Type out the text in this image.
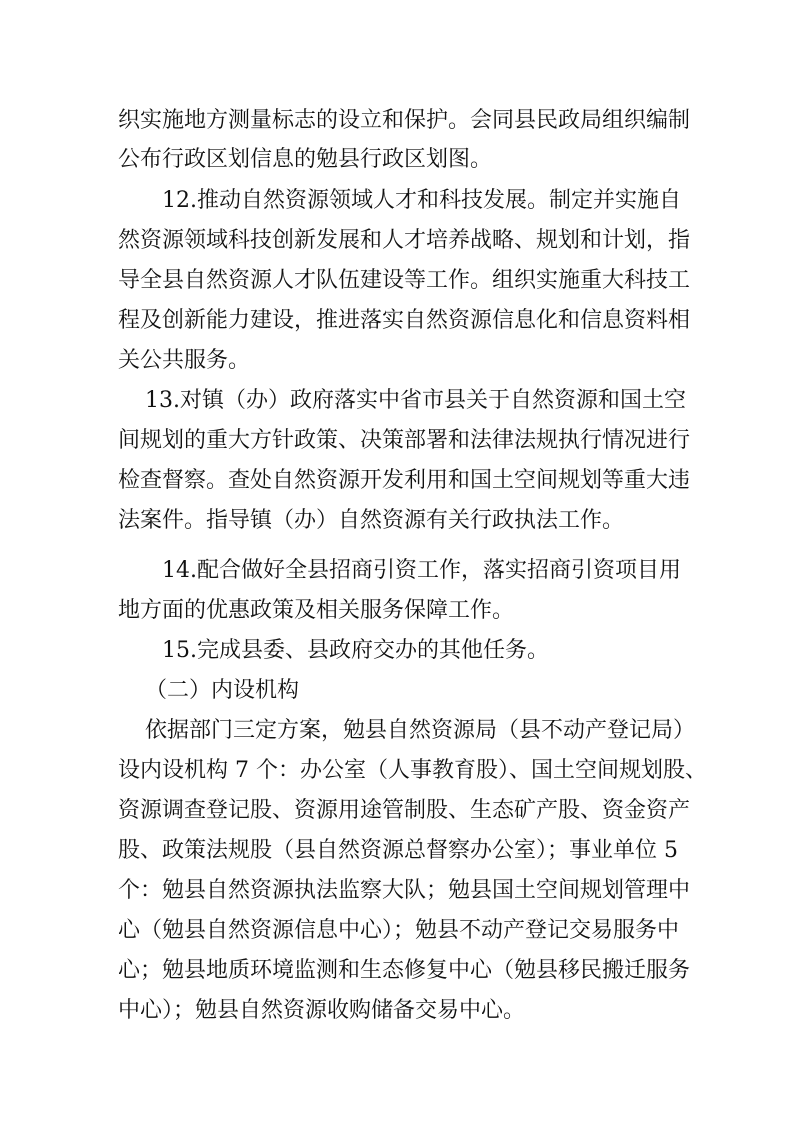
织实施地方测量标志的设立和保护。会同县民政局组织编制
公布行政区划信息的勉县行政区划图。
12.推动自然资源领域人才和科技发展。制定并实施自
然资源领域科技创新发展和人才培养战略、规划和计划，指
导全县自然资源人才队伍建设等工作。组织实施重大科技工
程及创新能力建设，推进落实自然资源信息化和信息资料相
关公共服务。
13.对镇（办）政府落实中省市县关于自然资源和国土空
间规划的重大方针政策、决策部署和法律法规执行情况进行
检查督察。查处自然资源开发利用和国土空间规划等重大违
法案件。指导镇（办）自然资源有关行政执法工作。
14.配合做好全县招商引资工作，落实招商引资项目用
地方面的优惠政策及相关服务保障工作。
15.完成县委、县政府交办的其他任务。
（二）内设机构
依据部门三定方案，勉县自然资源局（县不动产登记局）
设内设机构 7 个：办公室（人事教育股）、国土空间规划股、
资源调查登记股、资源用途管制股、生态矿产股、资金资产
股、政策法规股（县自然资源总督察办公室）；事业单位 5
个：勉县自然资源执法监察大队；勉县国土空间规划管理中
心（勉县自然资源信息中心）；勉县不动产登记交易服务中
心；勉县地质环境监测和生态修复中心（勉县移民搬迁服务
中心）；勉县自然资源收购储备交易中心。
